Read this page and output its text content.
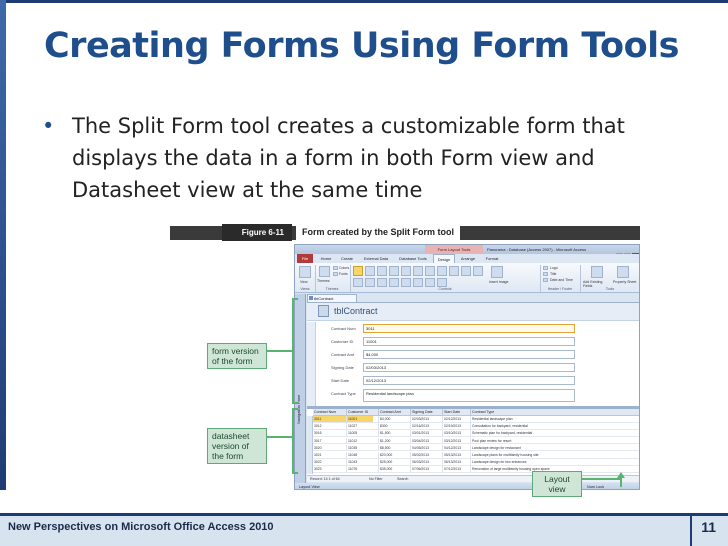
Creating Forms Using Form Tools
• The Split Form tool creates a customizable form that displays the data in a form in both Form view and Datasheet view at the same time
Figure 6-11	Form created by the Split Form tool
Form Layout Tools	Panorama : Database (Access 2007) - Microsoft Access
File	Home	Create	External Data	Database Tools	Design	Arrange	Format
View	Themes
Colors
Fonts
Insert Image
Logo
Title
Date and Time	Add Existing Fields
Property Sheet
Views	Themes	Controls	Header / Footer	Tools
Navigation Pane
tblContract
tblContract
Contract Num	3011
Customer ID	11001
Contract Amt	$4,000
Signing Date	02/03/2013
Start Date	02/12/2013
Contract Type	Residential landscape plan
Contract Num	Customer ID	Contract Amt	Signing Date	Start Date	Contract Type
3011	11001	$4,000	02/03/2013	02/12/2013	Residential landscape plan
3012	11027	$300	02/16/2013	02/19/2013	Consultation for backyard, residential
3016	11005	$1,500	03/01/2013	03/10/2013	Schematic plan for backyard, residential
3017	11012	$1,200	03/04/2013	03/12/2013	Pool plan review for resort
3020	11035	$8,500	04/05/2013	04/12/2013	Landscape design for restaurant
3021	11048	$20,000	05/02/2013	05/13/2013	Landscape plans for multifamily housing site
3022	11043	$25,000	06/03/2013	06/13/2013	Landscape design for two entrances
3023	11076	$35,000	07/06/2013	07/12/2013	Renovation of large multifamily housing open space
Record: 14 1 of 64	No Filter	Search
Layout View	Num Lock
form version of the form
datasheet version of the form
Layout view
New Perspectives on Microsoft Office Access 2010	11
